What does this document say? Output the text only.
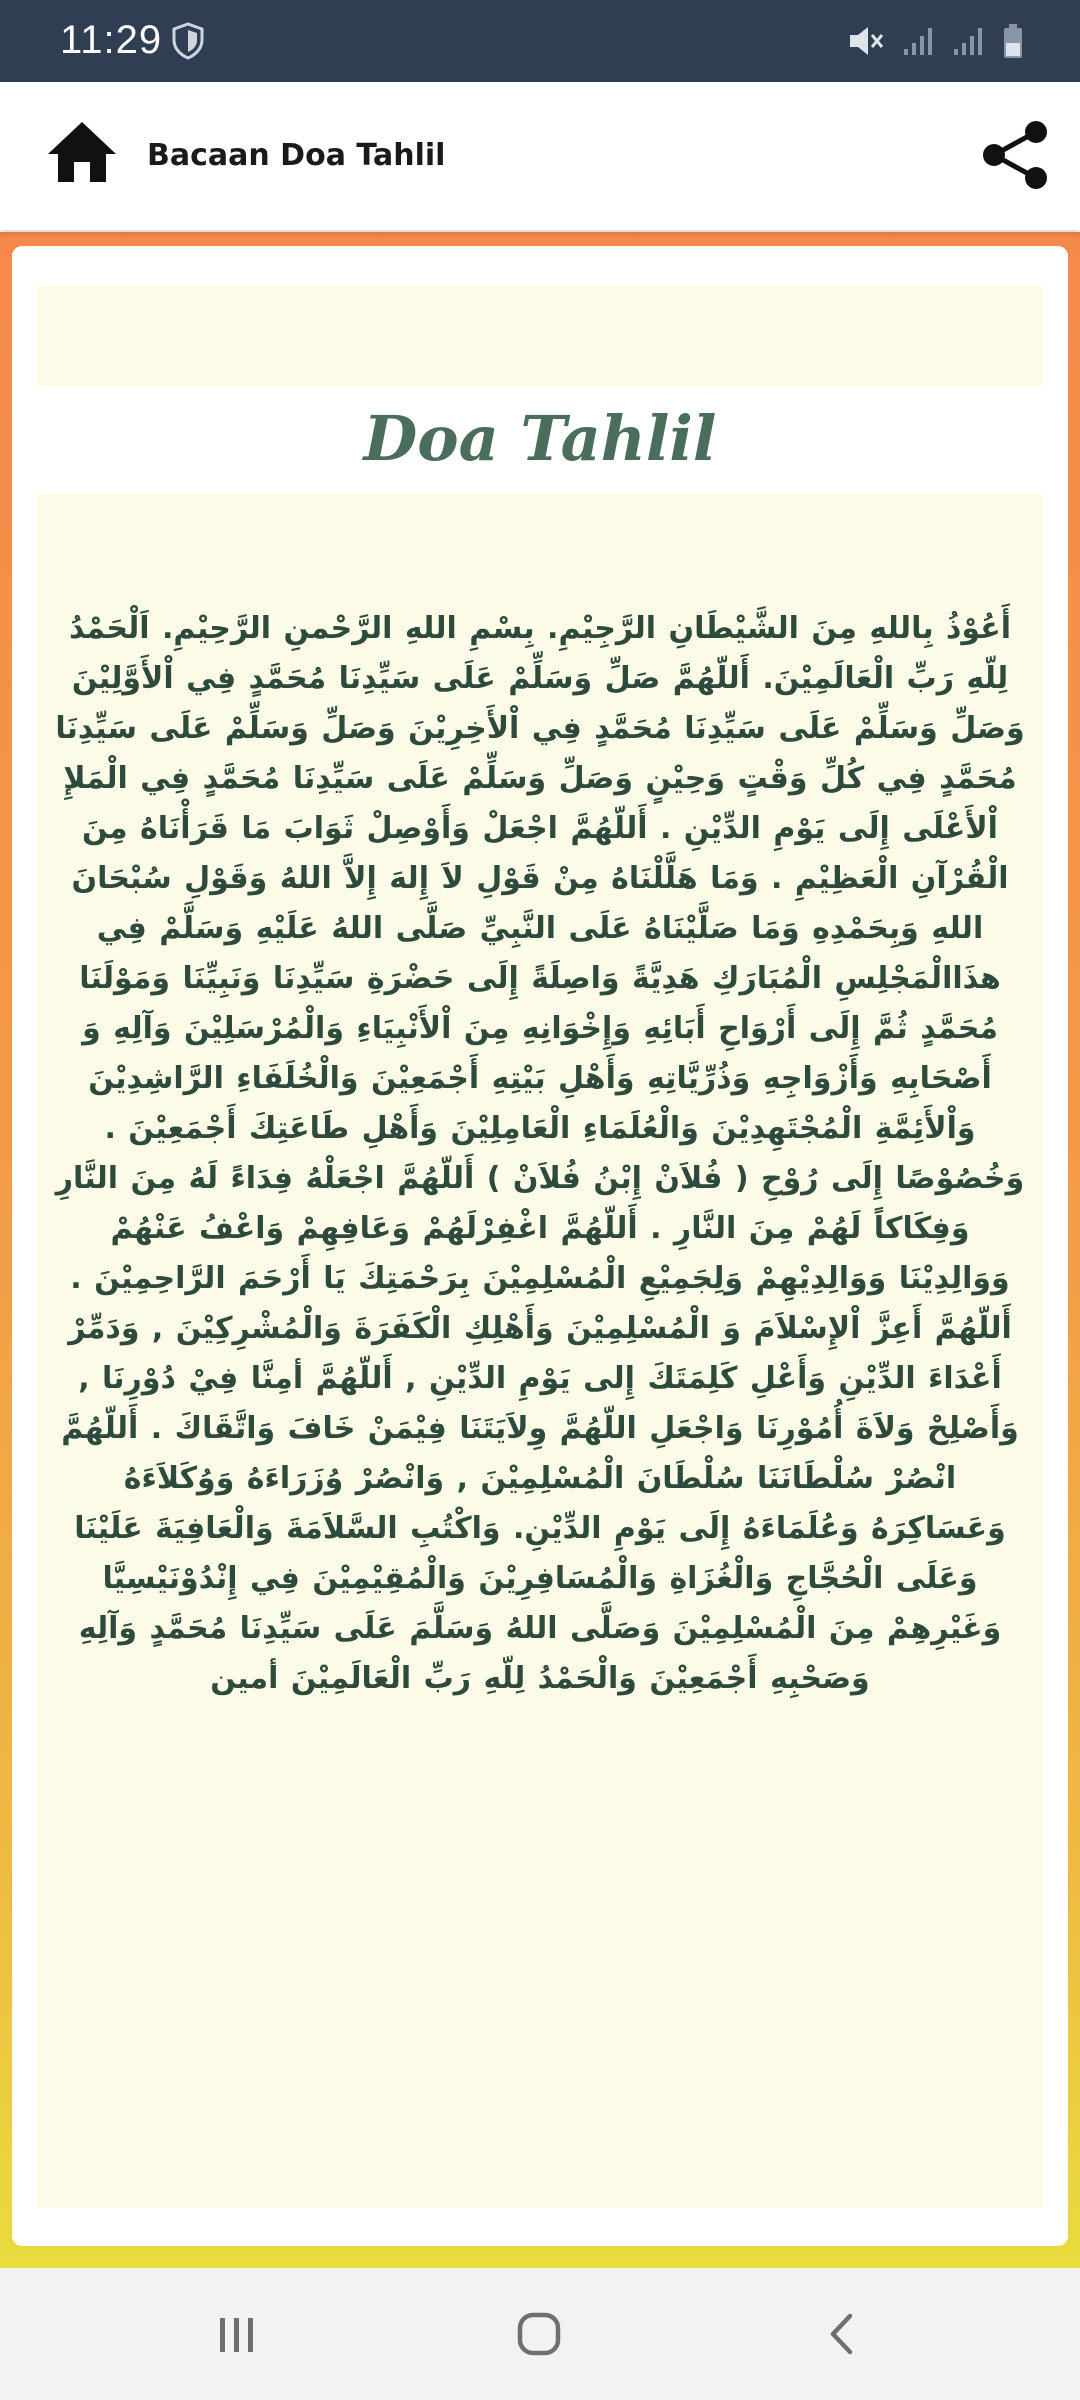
11:29
Bacaan Doa Tahlil
Doa Tahlil
أَعُوْذُ بِاللهِ مِنَ الشَّيْطَانِ الرَّجِيْمِ. بِسْمِ اللهِ الرَّحْمنِ الرَّحِيْمِ. اَلْحَمْدُ لِلّهِ رَبِّ الْعَالَمِيْنَ. أَللّهُمَّ صَلِّ وَسَلِّمْ عَلَى سَيِّدِنَا مُحَمَّدٍ فِي اْلأَوَّلِيْنَ وَصَلِّ وَسَلِّمْ عَلَى سَيِّدِنَا مُحَمَّدٍ فِي اْلأَخِرِيْنَ وَصَلِّ وَسَلِّمْ عَلَى سَيِّدِنَا مُحَمَّدٍ فِي كُلِّ وَقْتٍ وَحِيْنٍ وَصَلِّ وَسَلِّمْ عَلَى سَيِّدِنَا مُحَمَّدٍ فِي الْمَلإِ اْلأَعْلَى إِلَى يَوْمِ الدِّيْنِ . أَللّهُمَّ اجْعَلْ وَأَوْصِلْ ثَوَابَ مَا قَرَأْنَاهُ مِنَ الْقُرْآنِ الْعَظِيْمِ . وَمَا هَلَّلْنَاهُ مِنْ قَوْلِ لاَ إِلهَ إِلاَّ اللهُ وَقَوْلِ سُبْحَانَ اللهِ وَبِحَمْدِهِ وَمَا صَلَّيْنَاهُ عَلَى النَّبِيِّ صَلَّى اللهُ عَلَيْهِ وَسَلَّمْ فِي هذَاالْمَجْلِسِ الْمُبَارَكِ هَدِيَّةً وَاصِلَةً إِلَى حَضْرَةِ سَيِّدِنَا وَنَبِيِّنَا وَمَوْلَنَا مُحَمَّدٍ ثُمَّ إِلَى أَرْوَاحِ أَبَائِهِ وَإِخْوَانِهِ مِنَ اْلأَنْبِيَاءِ وَالْمُرْسَلِيْنَ وَآلِهِ وَ أَصْحَابِهِ وَأَزْوَاجِهِ وَذُرِّيَّاتِهِ وَأَهْلِ بَيْتِهِ أَجْمَعِيْنَ وَالْخُلَفَاءِ الرَّاشِدِيْنَ وَاْلأَئِمَّةِ الْمُجْتَهِدِيْنَ وَالْعُلَمَاءِ الْعَامِلِيْنَ وَأَهْلِ طَاعَتِكَ أَجْمَعِيْنَ . وَخُصُوْصًا إِلَى رُوْحِ ( فُلاَنْ إِبْنُ فُلاَنْ ) أَللّهُمَّ اجْعَلْهُ فِدَاءً لَهُ مِنَ النَّارِ وَفِكَاكاً لَهُمْ مِنَ النَّارِ . أَللّهُمَّ اغْفِرْلَهُمْ وَعَافِهِمْ وَاعْفُ عَنْهُمْ وَوَالِدِيْنَا وَوَالِدِيْهِمْ وَلِجَمِيْعِ الْمُسْلِمِيْنَ بِرَحْمَتِكَ يَا أَرْحَمَ الرَّاحِمِيْنَ . أَللّهُمَّ أَعِزَّ اْلإِسْلاَمَ وَ الْمُسْلِمِيْنَ وَأَهْلِكِ الْكَفَرَةَ وَالْمُشْرِكِيْنَ , وَدَمِّرْ أَعْدَاءَ الدِّيْنِ وَأَعْلِ كَلِمَتَكَ إِلى يَوْمِ الدِّيْنِ , أَللّهُمَّ أمِنَّا فِيْ دُوْرِنَا , وَأَصْلِحْ وَلاَةَ أُمُوْرِنَا وَاجْعَلِ اللّهُمَّ وِلاَيَتَنَا فِيْمَنْ خَافَ وَاتَّقَاكَ . أَللّهُمَّ انْصُرْ سُلْطَانَنَا سُلْطَانَ الْمُسْلِمِيْنَ , وَانْصُرْ وُزَرَاءَهُ وَوُكَلاَءَهُ وَعَسَاكِرَهُ وَعُلَمَاءَهُ إِلَى يَوْمِ الدِّيْنِ. وَاكْتُبِ السَّلاَمَةَ وَالْعَافِيَةَ عَلَيْنَا وَعَلَى الْحُجَّاجِ وَالْغُزَاةِ وَالْمُسَافِرِيْنَ وَالْمُقِيْمِيْنَ فِي إِنْدُوْنَيْسِيَّا وَغَيْرِهِمْ مِنَ الْمُسْلِمِيْنَ وَصَلَّى اللهُ وَسَلَّمَ عَلَى سَيِّدِنَا مُحَمَّدٍ وَآلِهِ وَصَحْبِهِ أَجْمَعِيْنَ وَالْحَمْدُ لِلّهِ رَبِّ الْعَالَمِيْنَ أمين
